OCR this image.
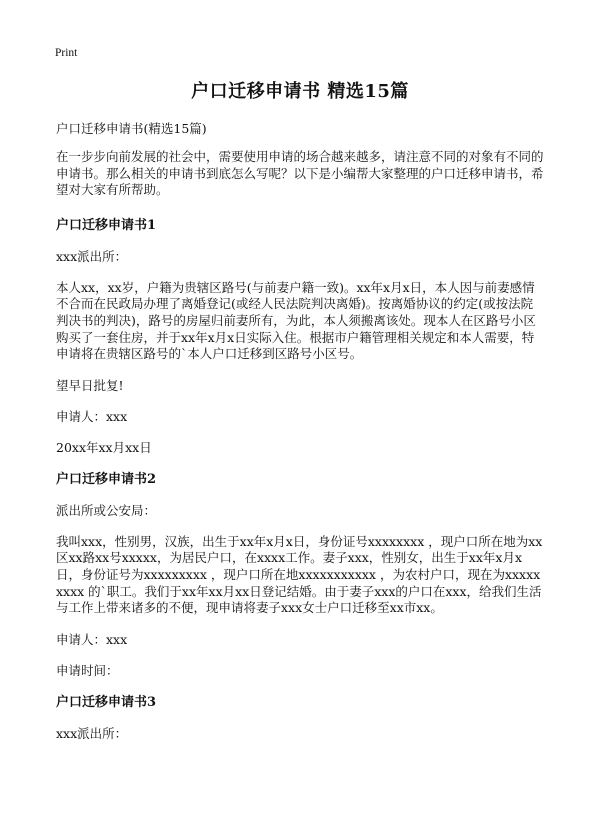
Print
户口迁移申请书 精选15篇

户口迁移申请书(精选15篇)

在一步步向前发展的社会中，需要使用申请的场合越来越多，请注意不同的对象有不同的申请书。那么相关的申请书到底怎么写呢？以下是小编帮大家整理的户口迁移申请书，希望对大家有所帮助。

户口迁移申请书1

xxx派出所：

本人xx，xx岁，户籍为贵辖区路号(与前妻户籍一致)。xx年x月x日，本人因与前妻感情不合而在民政局办理了离婚登记(或经人民法院判决离婚)。按离婚协议的约定(或按法院判决书的判决)，路号的房屋归前妻所有，为此，本人须搬离该处。现本人在区路号小区购买了一套住房，并于xx年x月x日实际入住。根据市户籍管理相关规定和本人需要，特申请将在贵辖区路号的`本人户口迁移到区路号小区号。

望早日批复!

申请人：xxx

20xx年xx月xx日

户口迁移申请书2

派出所或公安局：

我叫xxx，性别男，汉族，出生于xx年x月x日，身份证号xxxxxxxx ，现户口所在地为xx区xx路xx号xxxxx，为居民户口，在xxxx工作。妻子xxx，性别女，出生于xx年x月x日，身份证号为xxxxxxxxx ，现户口所在地xxxxxxxxxxx ，为农村户口，现在为xxxxxxxxx 的`职工。我们于xx年xx月xx日登记结婚。由于妻子xxx的户口在xxx，给我们生活与工作上带来诸多的不便，现申请将妻子xxx女士户口迁移至xx市xx。

申请人：xxx

申请时间：

户口迁移申请书3

xxx派出所：
